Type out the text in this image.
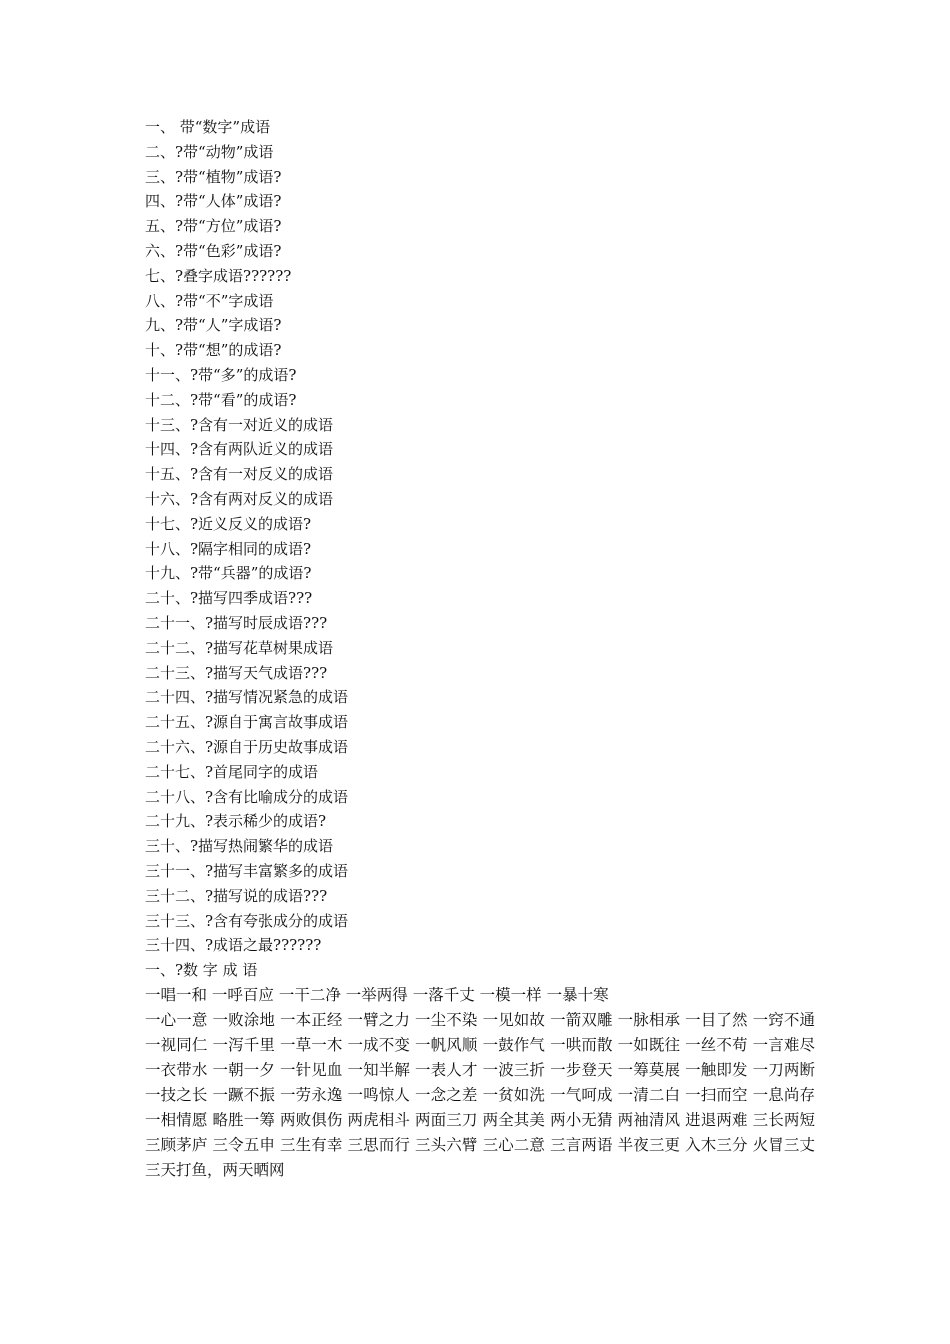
一、 带“数字”成语
二、?带“动物”成语
三、?带“植物”成语?
四、?带“人体”成语?
五、?带“方位”成语?
六、?带“色彩”成语?
七、?叠字成语??????
八、?带“不”字成语
九、?带“人”字成语?
十、?带“想”的成语?
十一、?带“多”的成语?
十二、?带“看”的成语?
十三、?含有一对近义的成语
十四、?含有两队近义的成语
十五、?含有一对反义的成语
十六、?含有两对反义的成语
十七、?近义反义的成语?
十八、?隔字相同的成语?
十九、?带“兵器”的成语?
二十、?描写四季成语???
二十一、?描写时辰成语???
二十二、?描写花草树果成语
二十三、?描写天气成语???
二十四、?描写情况紧急的成语
二十五、?源自于寓言故事成语
二十六、?源自于历史故事成语
二十七、?首尾同字的成语
二十八、?含有比喻成分的成语
二十九、?表示稀少的成语?
三十、?描写热闹繁华的成语
三十一、?描写丰富繁多的成语
三十二、?描写说的成语???
三十三、?含有夸张成分的成语
三十四、?成语之最??????
一、?数 字 成 语
一唱一和 一呼百应 一干二净 一举两得 一落千丈 一模一样 一暴十寒
一心一意 一败涂地 一本正经 一臂之力 一尘不染 一见如故 一箭双雕 一脉相承 一目了然 一窍不通 一视同仁 一泻千里 一草一木 一成不变 一帆风顺 一鼓作气 一哄而散 一如既往 一丝不苟 一言难尽 一衣带水 一朝一夕 一针见血 一知半解 一表人才 一波三折 一步登天 一筹莫展 一触即发 一刀两断 一技之长 一蹶不振 一劳永逸 一鸣惊人 一念之差 一贫如洗 一气呵成 一清二白 一扫而空 一息尚存 一相情愿 略胜一筹 两败俱伤 两虎相斗 两面三刀 两全其美 两小无猜 两袖清风 进退两难 三长两短 三顾茅庐 三令五申 三生有幸 三思而行 三头六臂 三心二意 三言两语 半夜三更 入木三分 火冒三丈 三天打鱼，两天晒网
